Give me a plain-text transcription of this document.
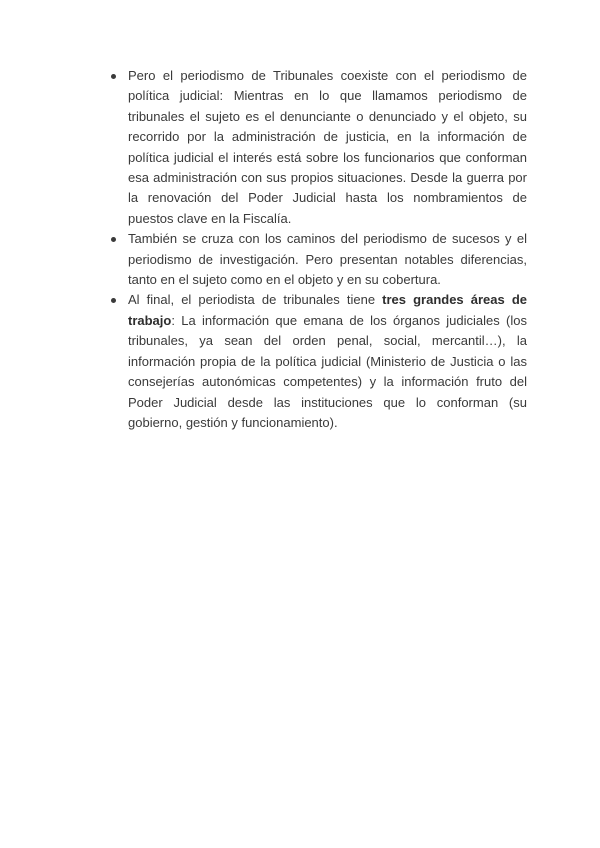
Pero el periodismo de Tribunales coexiste con el periodismo de política judicial: Mientras en lo que llamamos periodismo de tribunales el sujeto es el denunciante o denunciado y el objeto, su recorrido por la administración de justicia, en la información de política judicial el interés está sobre los funcionarios que conforman esa administración con sus propios situaciones. Desde la guerra por la renovación del Poder Judicial hasta los nombramientos de puestos clave en la Fiscalía.
También se cruza con los caminos del periodismo de sucesos y el periodismo de investigación. Pero presentan notables diferencias, tanto en el sujeto como en el objeto y en su cobertura.
Al final, el periodista de tribunales tiene tres grandes áreas de trabajo: La información que emana de los órganos judiciales (los tribunales, ya sean del orden penal, social, mercantil…), la información propia de la política judicial (Ministerio de Justicia o las consejerías autonómicas competentes) y la información fruto del Poder Judicial desde las instituciones que lo conforman (su gobierno, gestión y funcionamiento).
